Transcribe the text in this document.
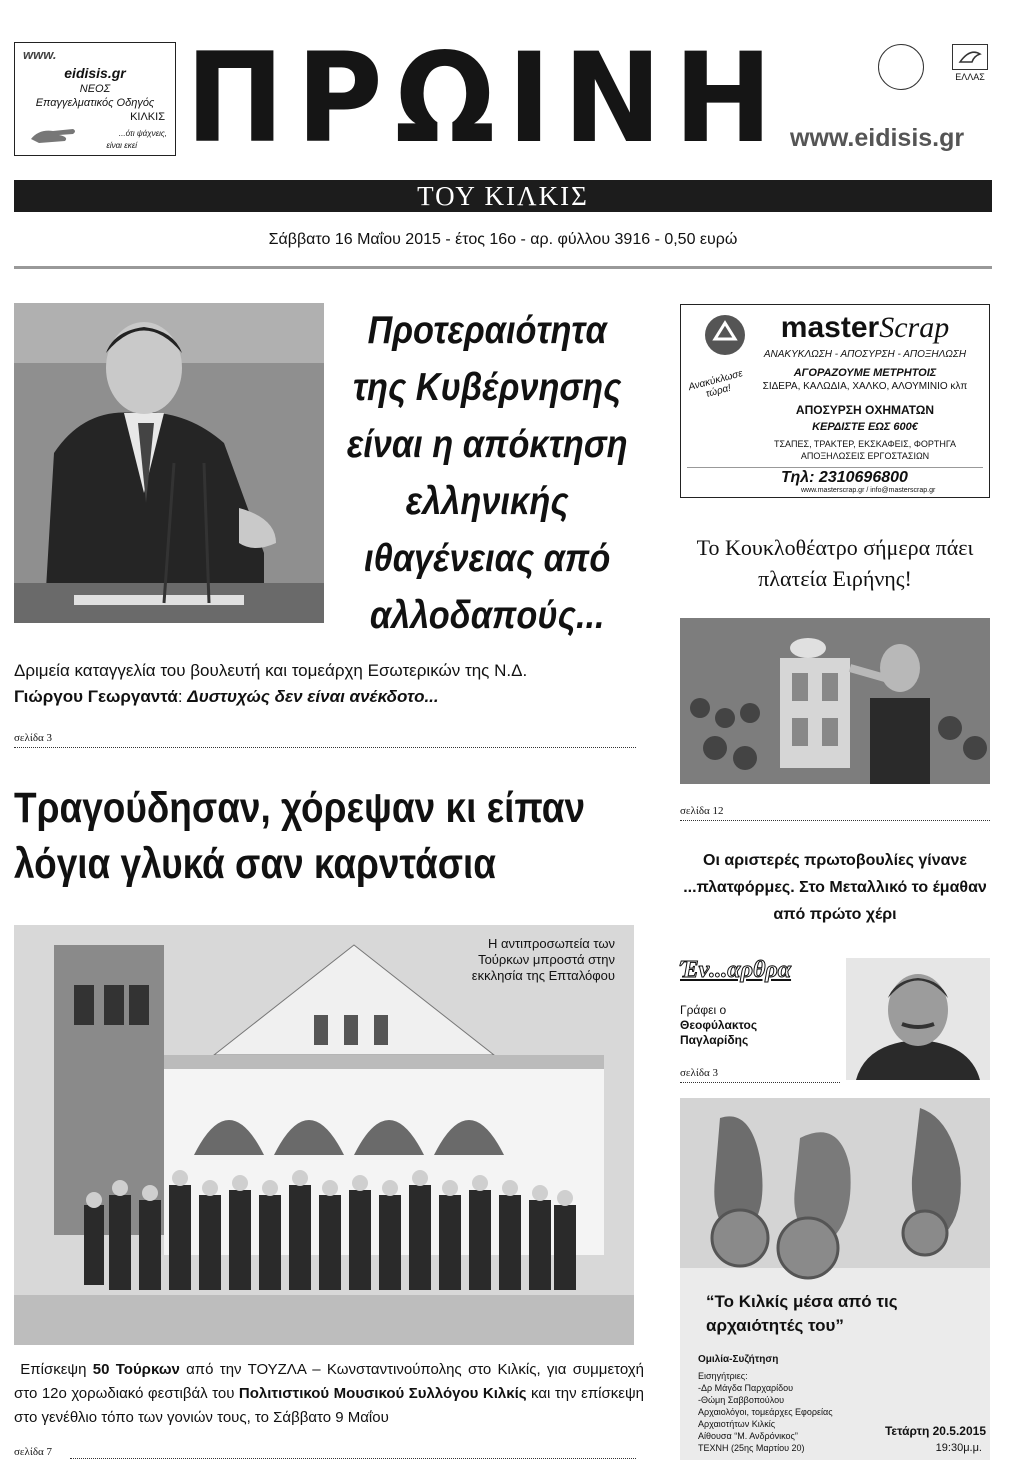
www.
eidisis.gr
ΝΕΟΣ
Επαγγελματικός Οδηγός
ΚΙΛΚΙΣ
...ότι ψάχνεις,
είναι εκεί ΠΡΩΙΝΗ	ΕΛΛΑΣ
www.eidisis.gr
ΤΟΥ ΚΙΛΚΙΣ
Σάββατο 16 Μαΐου 2015 - έτος 16ο - αρ. φύλλου 3916 - 0,50 ευρώ
Προτεραιότητα της Κυβέρνησης είναι η απόκτηση ελληνικής ιθαγένειας από αλλοδαπούς...
Δριμεία καταγγελία του βουλευτή και τομεάρχη Εσωτερικών της Ν.Δ.
Γιώργου Γεωργαντά: Δυστυχώς δεν είναι ανέκδοτο...
σελίδα 3
Τραγούδησαν, χόρεψαν κι είπαν
λόγια γλυκά σαν καρντάσια
Η αντιπροσωπεία των Τούρκων μπροστά στην εκκλησία της Επταλόφου
Επίσκεψη 50 Τούρκων από την ΤΟΥΖΛΑ – Κωνσταντινούπολης στο Κιλκίς, για συμμετοχή στο 12ο χορωδιακό φεστιβάλ του Πολιτιστικού Μουσικού Συλλόγου Κιλκίς και την επίσκεψη στο γενέθλιο τόπο των γονιών τους, το Σάββατο 9 Μαΐου
σελίδα 7
masterScrap
ΑΝΑΚΥΚΛΩΣΗ - ΑΠΟΣΥΡΣΗ - ΑΠΟΞΗΛΩΣΗ
ΑΓΟΡΑΖΟΥΜΕ ΜΕΤΡΗΤΟΙΣ
ΣΙΔΕΡΑ, ΚΑΛΩΔΙΑ, ΧΑΛΚΟ, ΑΛΟΥΜΙΝΙΟ κλπ
Ανακύκλωσε τώρα!
ΑΠΟΣΥΡΣΗ ΟΧΗΜΑΤΩΝ
ΚΕΡΔΙΣΤΕ ΕΩΣ 600€
ΤΣΑΠΕΣ, ΤΡΑΚΤΕΡ, ΕΚΣΚΑΦΕΙΣ, ΦΟΡΤΗΓΑ
ΑΠΟΞΗΛΩΣΕΙΣ ΕΡΓΟΣΤΑΣΙΩΝ
Τηλ: 2310696800
www.masterscrap.gr / info@masterscrap.gr
Το Κουκλοθέατρο σήμερα πάει πλατεία Ειρήνης!
σελίδα 12
Οι αριστερές πρωτοβουλίες γίνανε ...πλατφόρμες. Στο Μεταλλικό το έμαθαν από πρώτο χέρι
Έν...αρθρα
Γράφει ο
Θεοφύλακτος
Παγλαρίδης
σελίδα 3
“Το Κιλκίς μέσα από τις αρχαιότητές του”
Ομιλία-Συζήτηση
Εισηγήτριες:
-Δρ Μάγδα Παρχαρίδου
-Θώμη Σαββοπούλου
Αρχαιολόγοι, τομεάρχες Εφορείας
Αρχαιοτήτων Κιλκίς
Αίθουσα “Μ. Ανδρόνικος”
ΤΕΧΝΗ (25ης Μαρτίου 20)
Τετάρτη 20.5.2015
19:30μ.μ.
